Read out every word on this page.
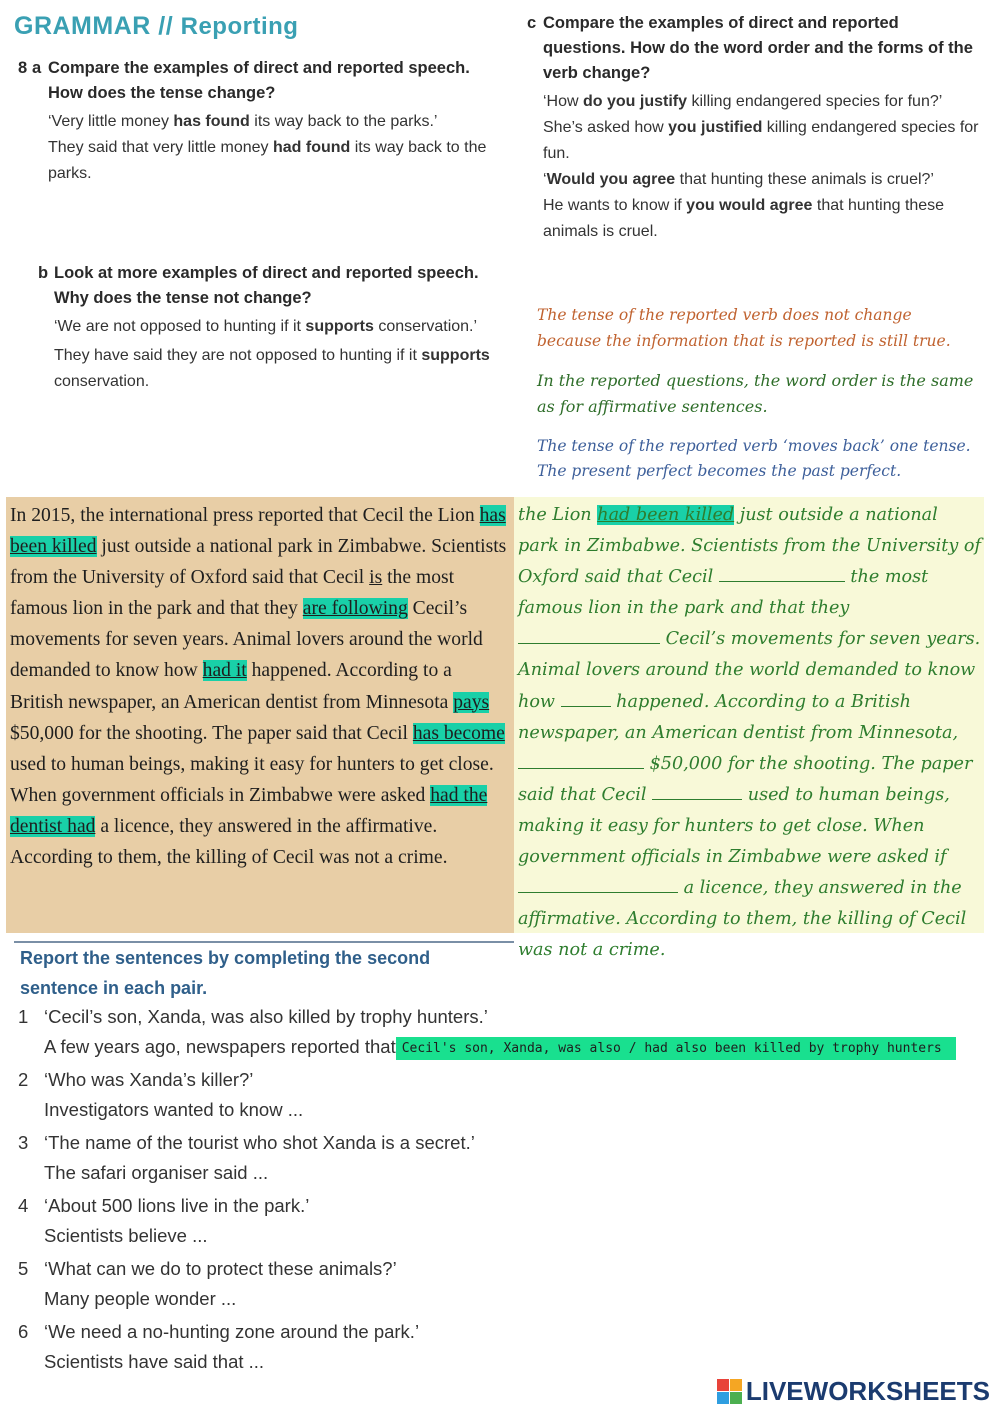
GRAMMAR // Reporting
8 a Compare the examples of direct and reported speech. How does the tense change?
‘Very little money has found its way back to the parks.’
They said that very little money had found its way back to the parks.
b Look at more examples of direct and reported speech. Why does the tense not change?
‘We are not opposed to hunting if it supports conservation.’
They have said they are not opposed to hunting if it supports conservation.
c Compare the examples of direct and reported questions. How do the word order and the forms of the verb change?
‘How do you justify killing endangered species for fun?’
She’s asked how you justified killing endangered species for fun.
‘Would you agree that hunting these animals is cruel?’
He wants to know if you would agree that hunting these animals is cruel.
The tense of the reported verb does not change because the information that is reported is still true.
In the reported questions, the word order is the same as for affirmative sentences.
The tense of the reported verb ‘moves back’ one tense. The present perfect becomes the past perfect.
In 2015, the international press reported that Cecil the Lion has been killed just outside a national park in Zimbabwe. Scientists from the University of Oxford said that Cecil is the most famous lion in the park and that they are following Cecil’s movements for seven years. Animal lovers around the world demanded to know how had it happened. According to a British newspaper, an American dentist from Minnesota pays $50,000 for the shooting. The paper said that Cecil has become used to human beings, making it easy for hunters to get close. When government officials in Zimbabwe were asked had the dentist had a licence, they answered in the affirmative. According to them, the killing of Cecil was not a crime.
the Lion had been killed just outside a national park in Zimbabwe. Scientists from the University of Oxford said that Cecil	the most famous lion in the park and that they  Cecil’s movements for seven years. Animal lovers around the world demanded to know how	happened. According to a British newspaper, an American dentist from Minnesota,  $50,000 for the shooting. The paper said that Cecil	used to human beings, making it easy for hunters to get close. When government officials in Zimbabwe were asked if  a licence, they answered in the affirmative. According to them, the killing of Cecil was not a crime.
Report the sentences by completing the second
sentence in each pair.
1 ‘Cecil’s son, Xanda, was also killed by trophy hunters.’
A few years ago, newspapers reported that Cecil's son, Xanda, was also / had also been killed by trophy hunters
2 ‘Who was Xanda’s killer?’
Investigators wanted to know ...
3 ‘The name of the tourist who shot Xanda is a secret.’
The safari organiser said ...
4 ‘About 500 lions live in the park.’
Scientists believe ...
5 ‘What can we do to protect these animals?’
Many people wonder ...
6 ‘We need a no-hunting zone around the park.’
Scientists have said that ...
LIVEWORKSHEETS
